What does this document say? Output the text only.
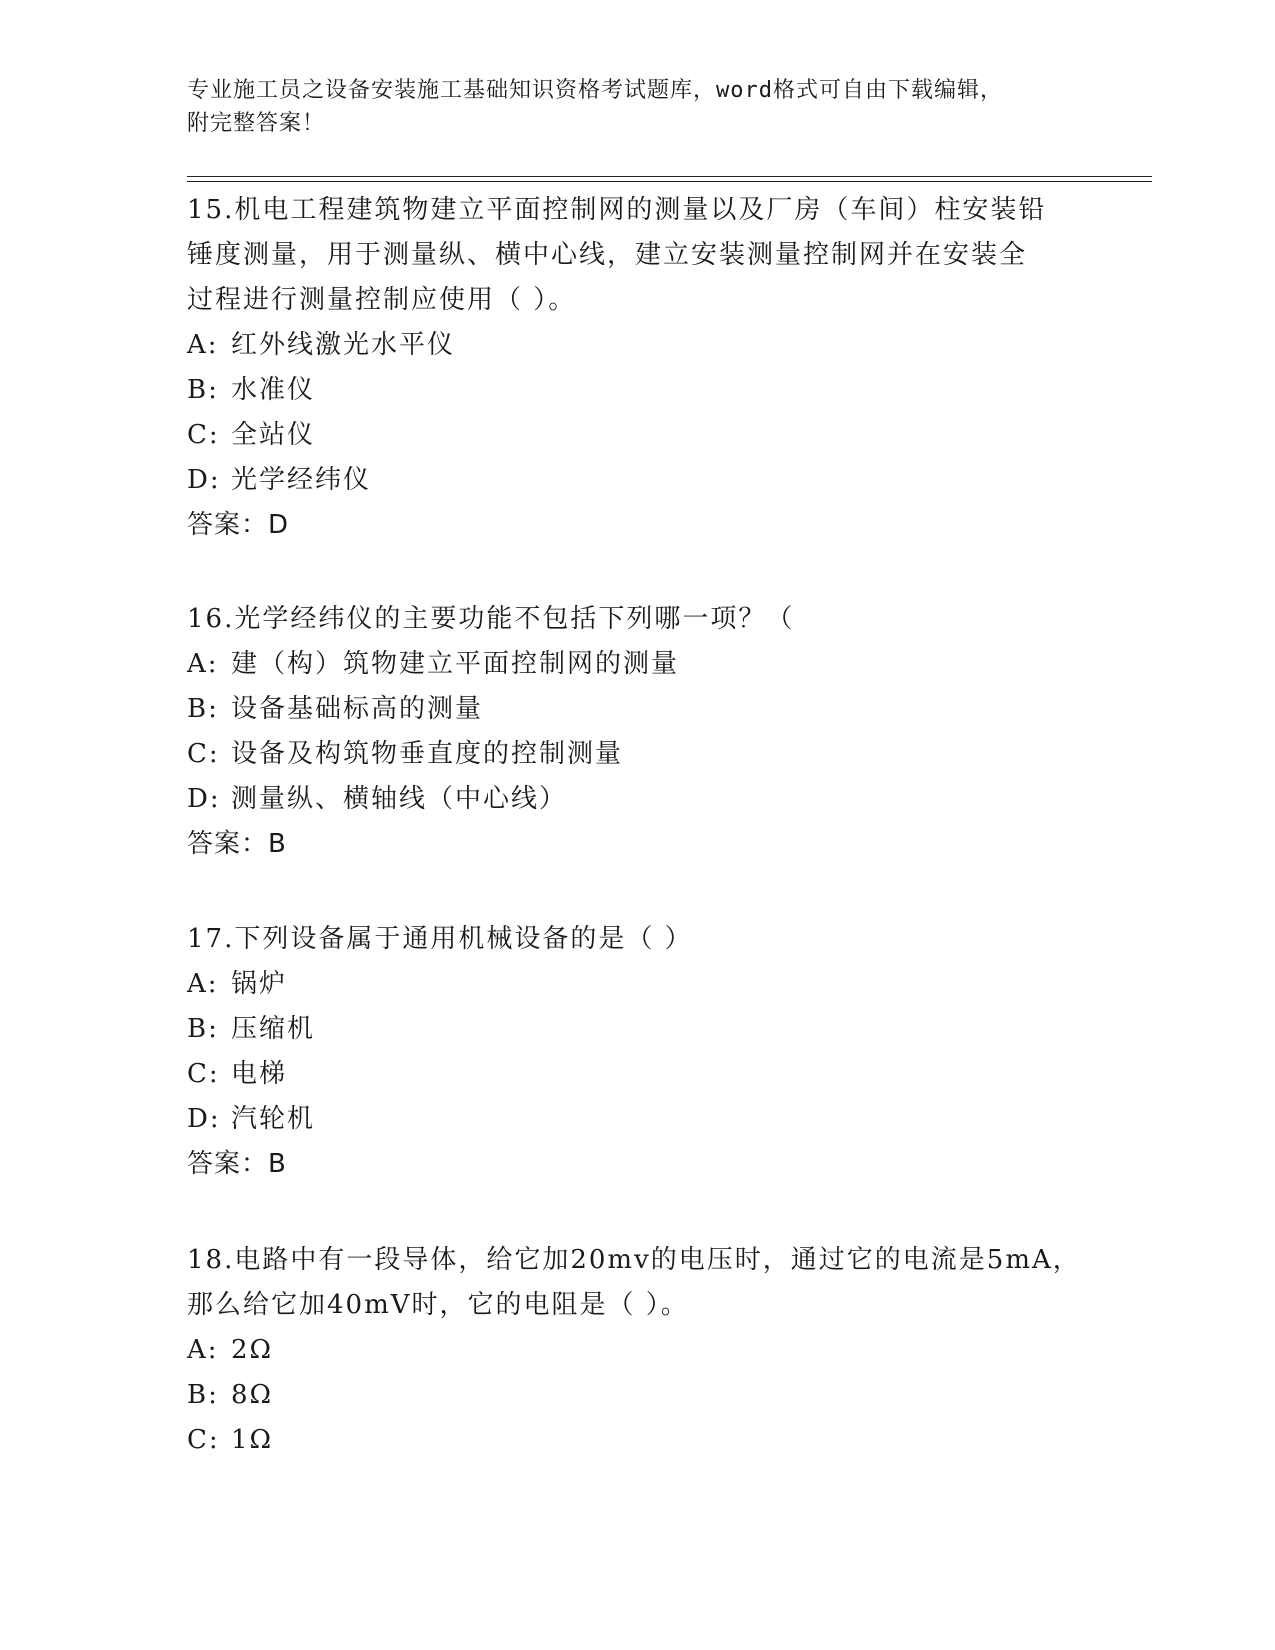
专业施工员之设备安装施工基础知识资格考试题库，word格式可自由下载编辑，
附完整答案！

15.机电工程建筑物建立平面控制网的测量以及厂房（车间）柱安装铅

锤度测量，用于测量纵、横中心线，建立安装测量控制网并在安装全

过程进行测量控制应使用（ ）。

A: 红外线激光水平仪

B: 水准仪

C: 全站仪

D: 光学经纬仪

答案：D

16.光学经纬仪的主要功能不包括下列哪一项？（

A: 建（构）筑物建立平面控制网的测量

B: 设备基础标高的测量

C: 设备及构筑物垂直度的控制测量

D: 测量纵、横轴线（中心线）

答案：B

17.下列设备属于通用机械设备的是（ ）

A: 锅炉

B: 压缩机

C: 电梯

D: 汽轮机

答案：B

18.电路中有一段导体，给它加20mv的电压时，通过它的电流是5mA，

那么给它加40mV时，它的电阻是（ ）。

A: 2Ω

B: 8Ω

C: 1Ω
